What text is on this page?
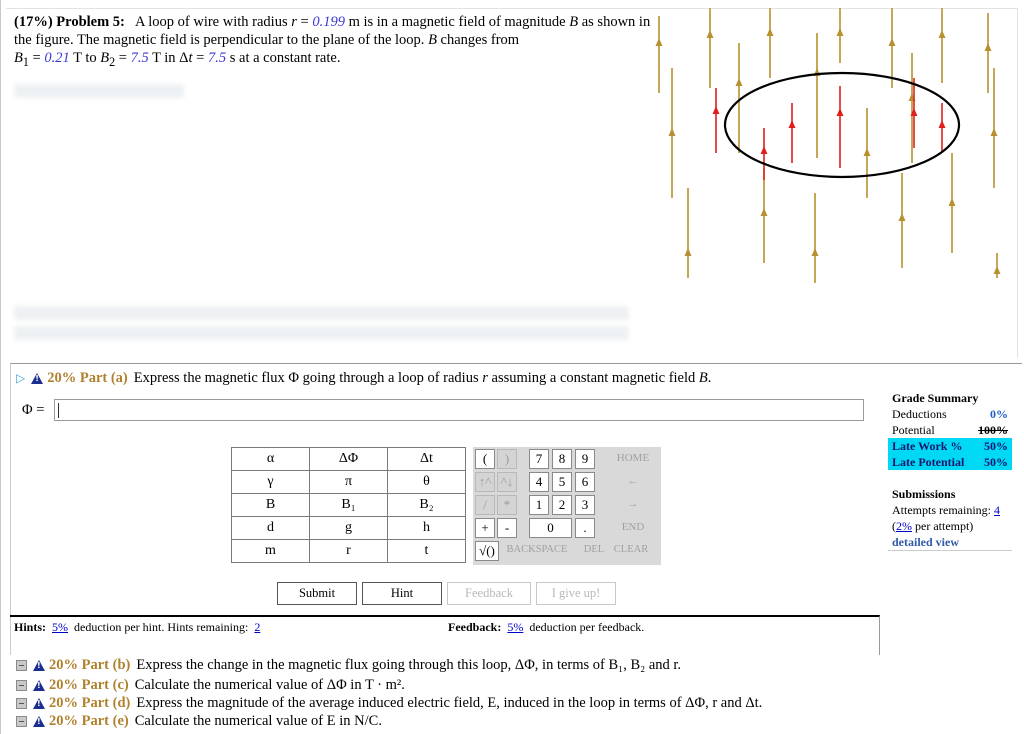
(17%) Problem 5: A loop of wire with radius r = 0.199 m is in a magnetic field of magnitude B as shown in the figure. The magnetic field is perpendicular to the plane of the loop. B changes from
$B_1 = 0.21$ T to $B_2 = 7.5$ T in Δt = 7.5 s at a constant rate.
▷ ! 20% Part (a) Express the magnetic flux Φ going through a loop of radius
r
assuming a constant magnetic field
B .
Φ =
α	ΔΦ	Δt
γ	π	θ
B	B₁	B₂
d	g	h
m	r	t
(	)	7	8	9	HOME
↑^ ^↓	4	5	6	←
/	*	1	2	3	→
+	-	0	.	END
√()	BACKSPACE	DEL CLEAR
Submit	Hint	Feedback	I give up!
Hints: 5% deduction per hint. Hints remaining: 2	Feedback: 5% deduction per feedback.
Grade Summary
Deductions	0%
Potential	100%
Late Work % 50%
Late Potential 50%
Submissions
Attempts remaining: 4
(2% per attempt)
detailed view
!
20% Part (b) Express the change in the magnetic flux going through this loop, ΔΦ, in terms of B₁, B₂ and r.
!
20% Part (c) Calculate the numerical value of ΔΦ in T · m².
!
20% Part (d) Express the magnitude of the average induced electric field, E, induced in the loop in terms of ΔΦ, r and Δt.
!
20% Part (e) Calculate the numerical value of E in N/C.
